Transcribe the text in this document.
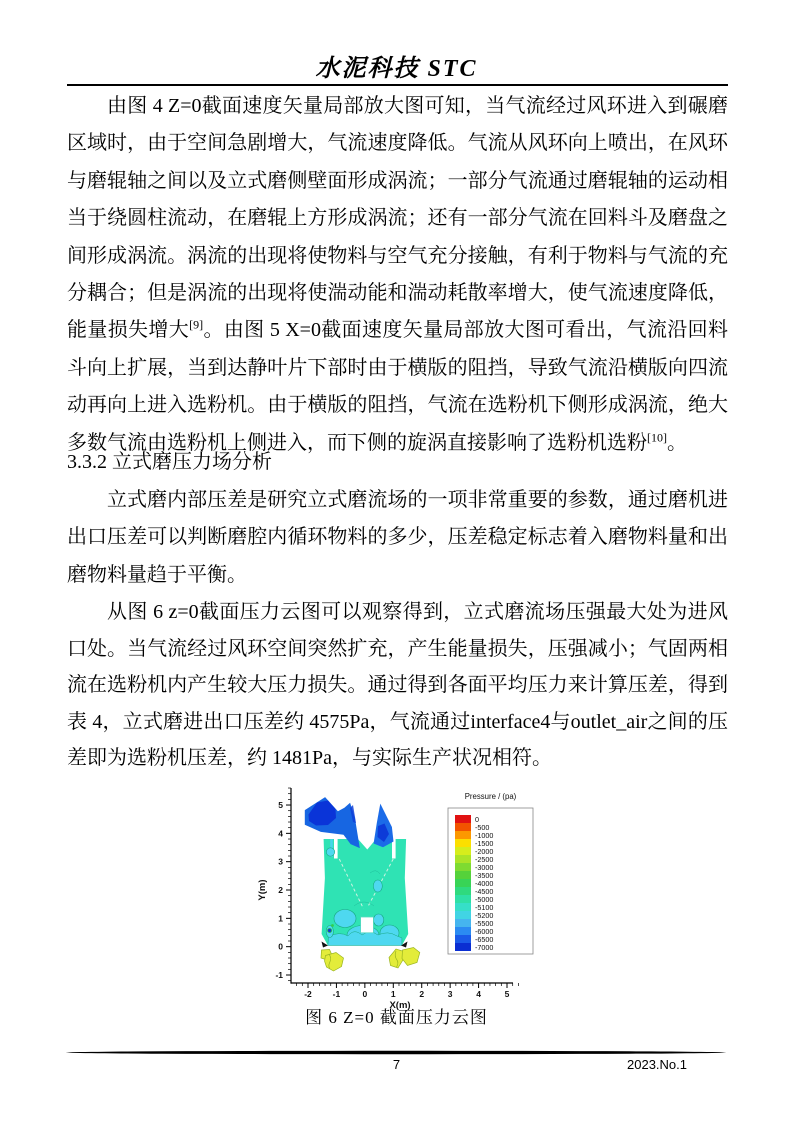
水泥科技 STC

由图 4 Z=0截面速度矢量局部放大图可知，当气流经过风环进入到碾磨区域时，由于空间急剧增大，气流速度降低。气流从风环向上喷出，在风环与磨辊轴之间以及立式磨侧壁面形成涡流；一部分气流通过磨辊轴的运动相当于绕圆柱流动，在磨辊上方形成涡流；还有一部分气流在回料斗及磨盘之间形成涡流。涡流的出现将使物料与空气充分接触，有利于物料与气流的充分耦合；但是涡流的出现将使湍动能和湍动耗散率增大，使气流速度降低，能量损失增大[9]。由图 5 X=0截面速度矢量局部放大图可看出，气流沿回料斗向上扩展，当到达静叶片下部时由于横版的阻挡，导致气流沿横版向四流动再向上进入选粉机。由于横版的阻挡，气流在选粉机下侧形成涡流，绝大多数气流由选粉机上侧进入，而下侧的旋涡直接影响了选粉机选粉[10]。

3.3.2 立式磨压力场分析

立式磨内部压差是研究立式磨流场的一项非常重要的参数，通过磨机进出口压差可以判断磨腔内循环物料的多少，压差稳定标志着入磨物料量和出磨物料量趋于平衡。

从图 6 z=0截面压力云图可以观察得到，立式磨流场压强最大处为进风口处。当气流经过风环空间突然扩充，产生能量损失，压强减小；气固两相流在选粉机内产生较大压力损失。通过得到各面平均压力来计算压差，得到表 4，立式磨进出口压差约 4575Pa，气流通过interface4与outlet_air之间的压差即为选粉机压差，约 1481Pa，与实际生产状况相符。

-2 -1	0	1	2	3	4	5
-1
0
1
2
3
4
5
Y(m)
X(m)
Pressure / (pa)
0
-500
-1000
-1500
-2000
-2500
-3000
-3500
-4000
-4500
-5000
-5100
-5200
-5500
-6000
-6500
-7000
图 6 Z=0 截面压力云图
7	2023.No.1
